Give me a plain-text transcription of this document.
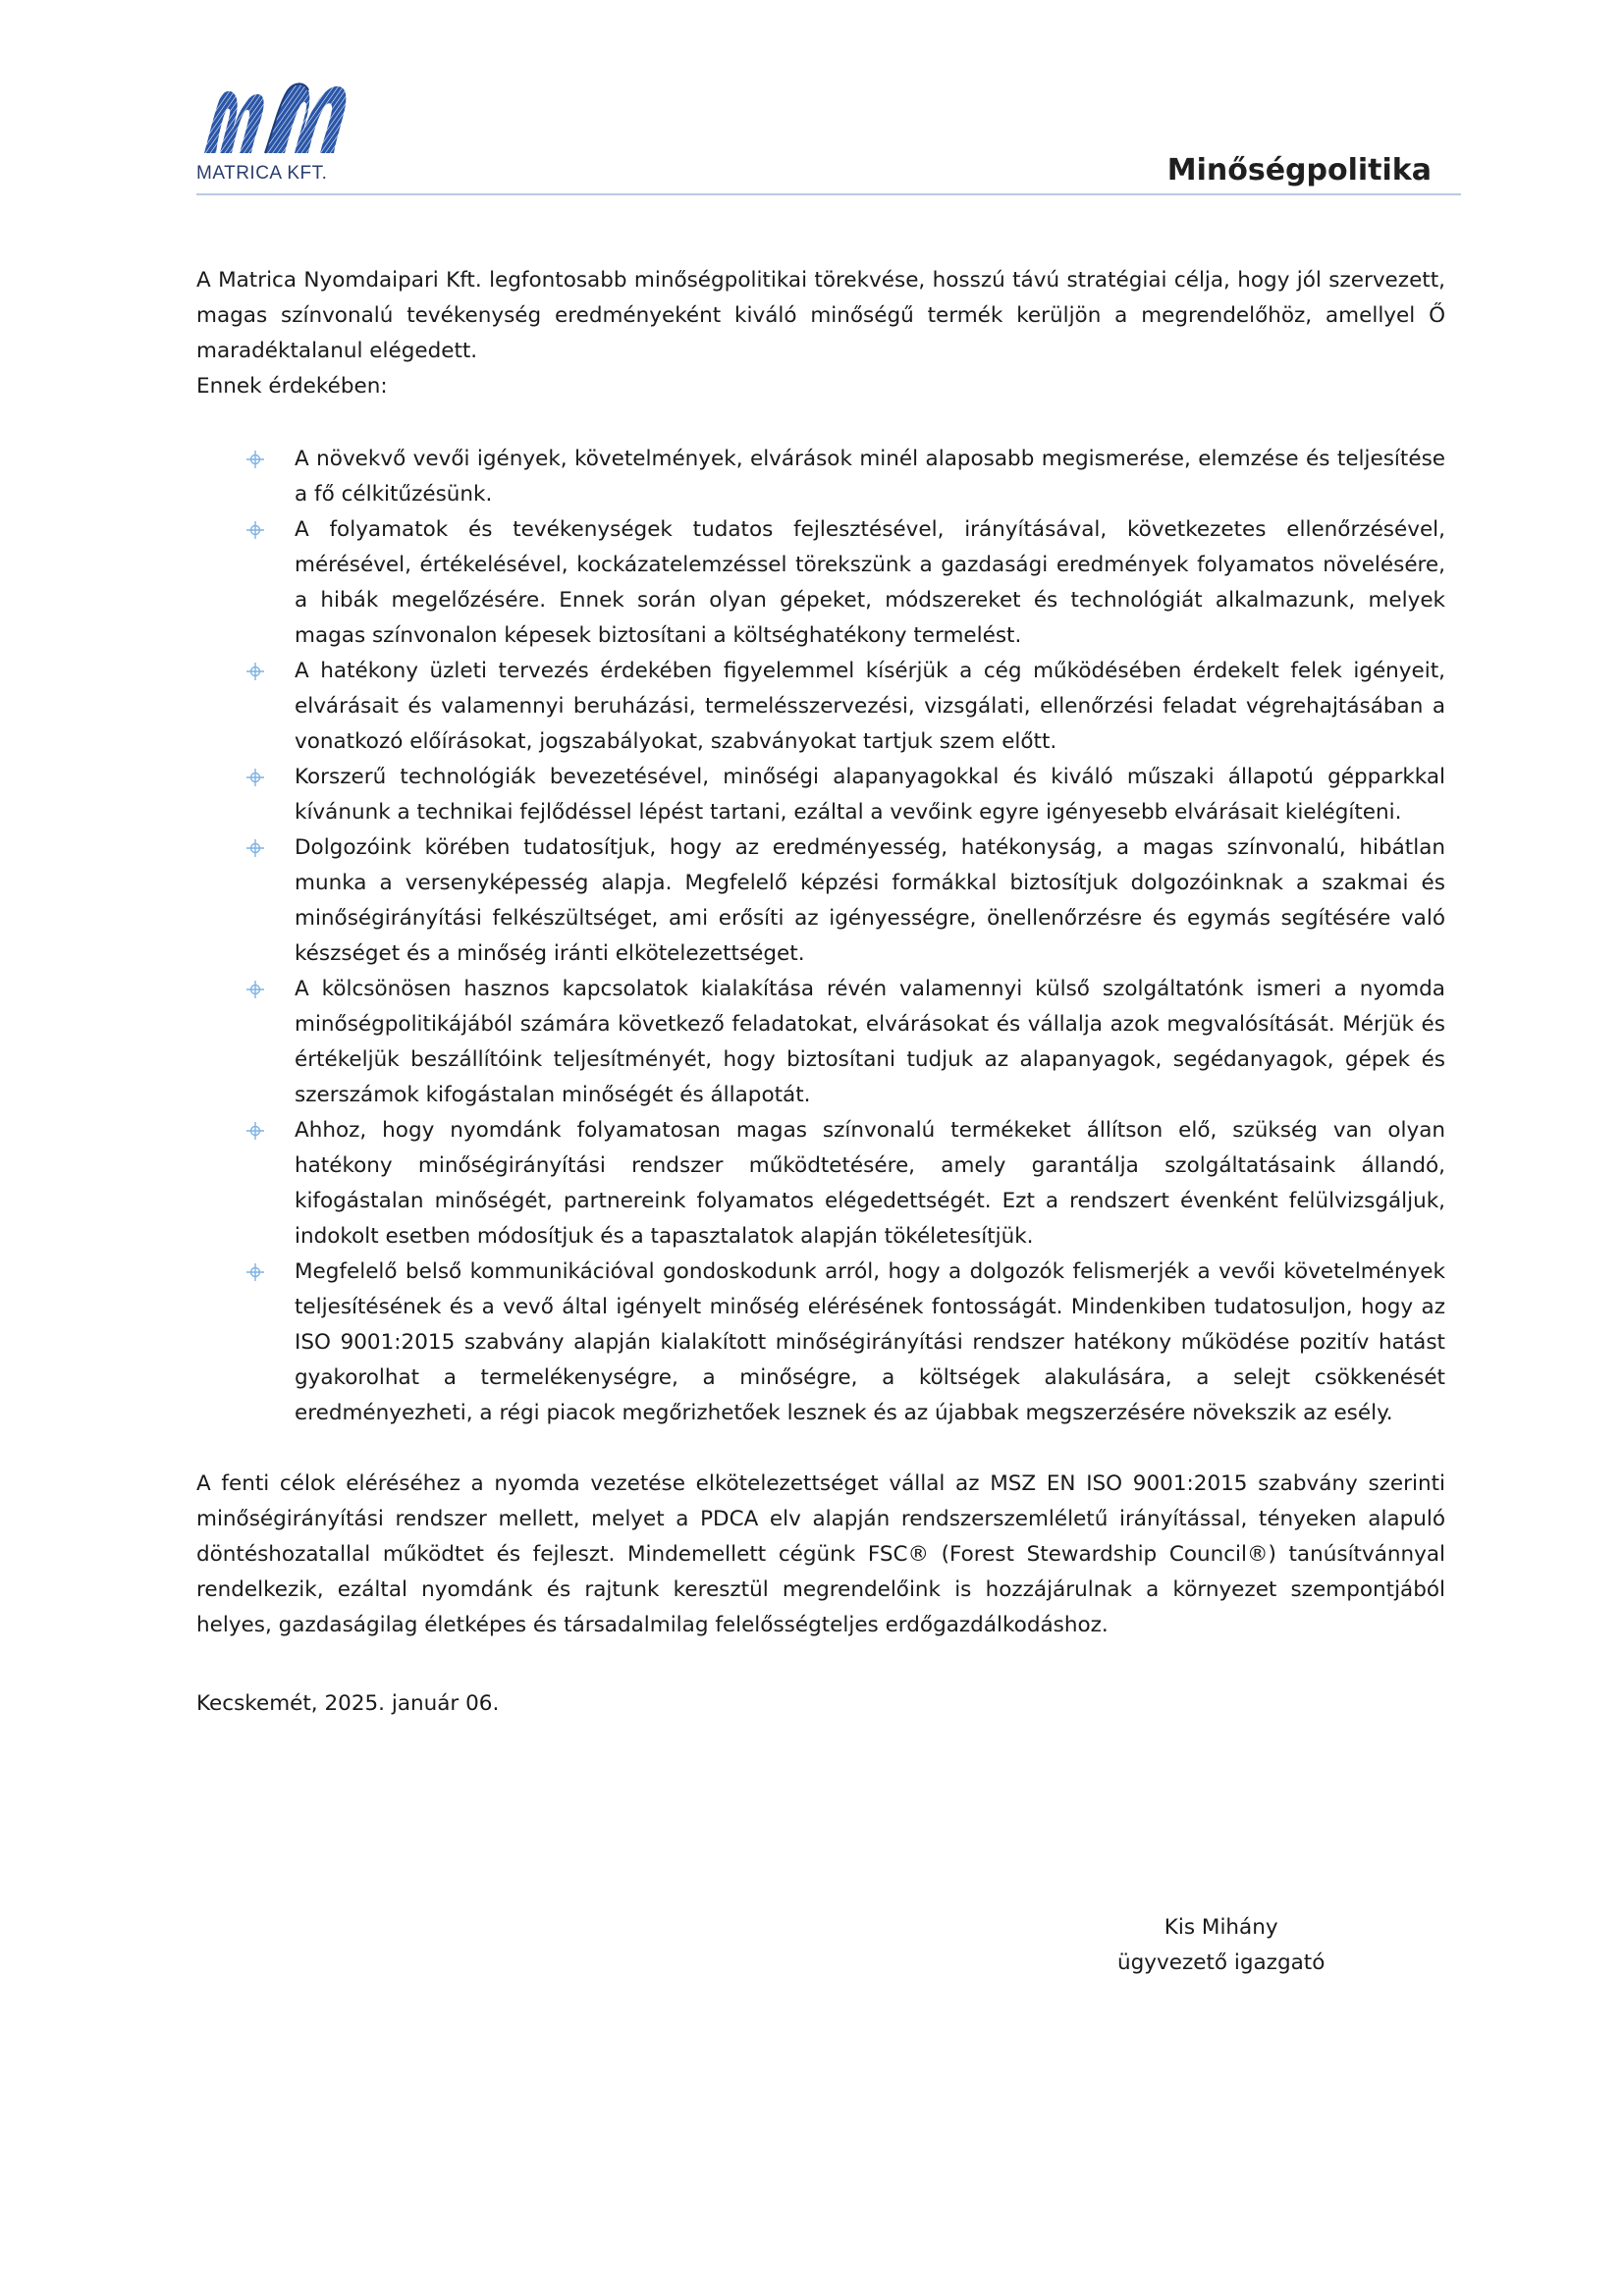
MATRICA KFT.	Minőségpolitika

A Matrica Nyomdaipari Kft. legfontosabb minőségpolitikai törekvése, hosszú távú stratégiai célja, hogy jól szervezett, magas színvonalú tevékenység eredményeként kiváló minőségű termék kerüljön a megrendelőhöz, amellyel Ő maradéktalanul elégedett.

Ennek érdekében:

A növekvő vevői igények, követelmények, elvárások minél alaposabb megismerése, elemzése és teljesítése a fő célkitűzésünk.
A folyamatok és tevékenységek tudatos fejlesztésével, irányításával, következetes ellenőrzésével, mérésével, értékelésével, kockázatelemzéssel törekszünk a gazdasági eredmények folyamatos növelésére, a hibák megelőzésére. Ennek során olyan gépeket, módszereket és technológiát alkalmazunk, melyek magas színvonalon képesek biztosítani a költséghatékony termelést.
A hatékony üzleti tervezés érdekében figyelemmel kísérjük a cég működésében érdekelt felek igényeit, elvárásait és valamennyi beruházási, termelésszervezési, vizsgálati, ellenőrzési feladat végrehajtásában a vonatkozó előírásokat, jogszabályokat, szabványokat tartjuk szem előtt.
Korszerű technológiák bevezetésével, minőségi alapanyagokkal és kiváló műszaki állapotú gépparkkal kívánunk a technikai fejlődéssel lépést tartani, ezáltal a vevőink egyre igényesebb elvárásait kielégíteni.
Dolgozóink körében tudatosítjuk, hogy az eredményesség, hatékonyság, a magas színvonalú, hibátlan munka a versenyképesség alapja. Megfelelő képzési formákkal biztosítjuk dolgozóinknak a szakmai és minőségirányítási felkészültséget, ami erősíti az igényességre, önellenőrzésre és egymás segítésére való készséget és a minőség iránti elkötelezettséget.
A kölcsönösen hasznos kapcsolatok kialakítása révén valamennyi külső szolgáltatónk ismeri a nyomda minőségpolitikájából számára következő feladatokat, elvárásokat és vállalja azok megvalósítását. Mérjük és értékeljük beszállítóink teljesítményét, hogy biztosítani tudjuk az alapanyagok, segédanyagok, gépek és szerszámok kifogástalan minőségét és állapotát.
Ahhoz, hogy nyomdánk folyamatosan magas színvonalú termékeket állítson elő, szükség van olyan hatékony minőségirányítási rendszer működtetésére, amely garantálja szolgáltatásaink állandó, kifogástalan minőségét, partnereink folyamatos elégedettségét. Ezt a rendszert évenként felülvizsgáljuk, indokolt esetben módosítjuk és a tapasztalatok alapján tökéletesítjük.
Megfelelő belső kommunikációval gondoskodunk arról, hogy a dolgozók felismerjék a vevői követelmények teljesítésének és a vevő által igényelt minőség elérésének fontosságát. Mindenkiben tudatosuljon, hogy az ISO 9001:2015 szabvány alapján kialakított minőségirányítási rendszer hatékony működése pozitív hatást gyakorolhat a termelékenységre, a minőségre, a költségek alakulására, a selejt csökkenését eredményezheti, a régi piacok megőrizhetőek lesznek és az újabbak megszerzésére növekszik az esély.

A fenti célok eléréséhez a nyomda vezetése elkötelezettséget vállal az MSZ EN ISO 9001:2015 szabvány szerinti minőségirányítási rendszer mellett, melyet a PDCA elv alapján rendszerszemléletű irányítással, tényeken alapuló döntéshozatallal működtet és fejleszt. Mindemellett cégünk FSC® (Forest Stewardship Council®) tanúsítvánnyal rendelkezik, ezáltal nyomdánk és rajtunk keresztül megrendelőink is hozzájárulnak a környezet szempontjából helyes, gazdaságilag életképes és társadalmilag felelősségteljes erdőgazdálkodáshoz.

Kecskemét, 2025. január 06.

Kis Mihány
ügyvezető igazgató
